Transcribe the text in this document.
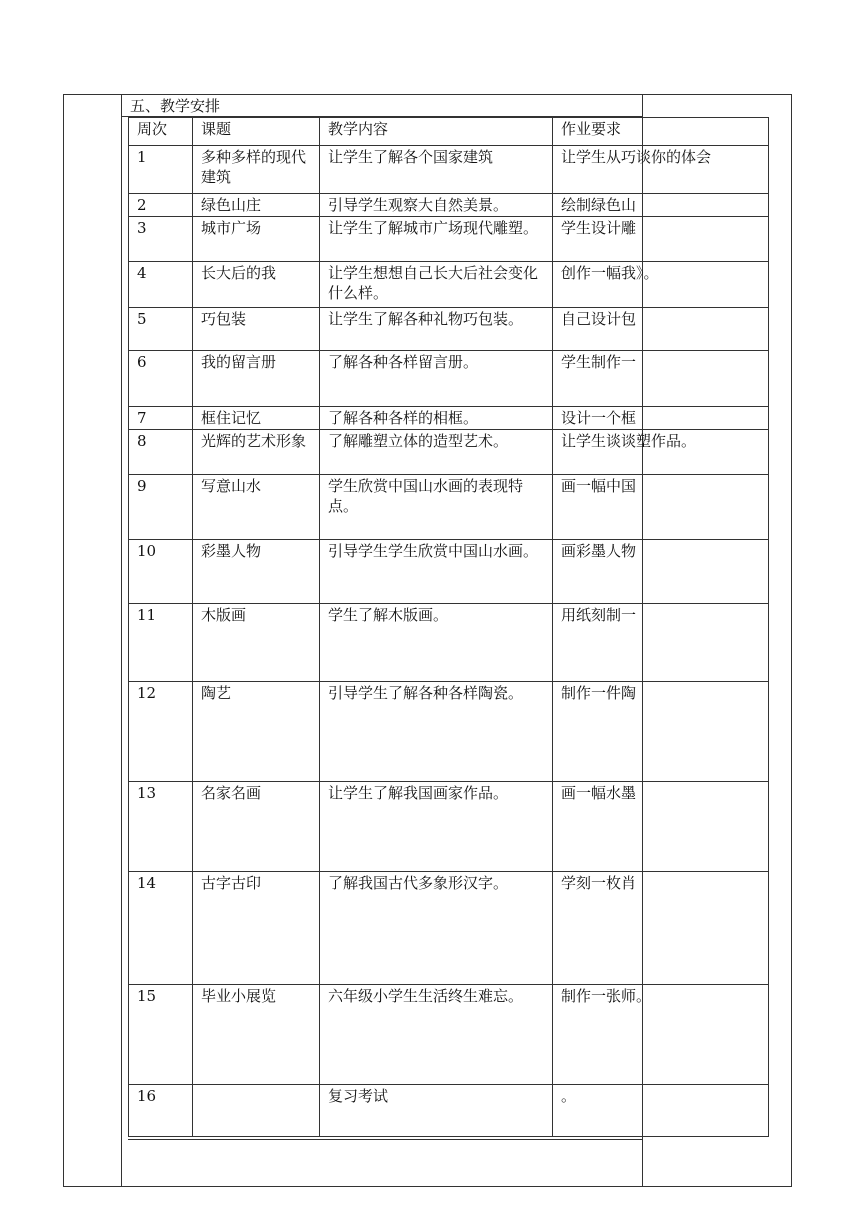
五、教学安排
周次	课题	教学内容	作业要求
1	多种多样的现代建筑	让学生了解各个国家建筑	让学生从巧谈你的体会
2	绿色山庄	引导学生观察大自然美景。	绘制绿色山
3	城市广场	让学生了解城市广场现代雕塑。	学生设计雕
4	长大后的我	让学生想想自己长大后社会变化什么样。	创作一幅我》。
5	巧包装	让学生了解各种礼物巧包装。	自己设计包
6	我的留言册	了解各种各样留言册。	学生制作一
7	框住记忆	了解各种各样的相框。	设计一个框
8	光辉的艺术形象	了解雕塑立体的造型艺术。	让学生谈谈塑作品。
9	写意山水	学生欣赏中国山水画的表现特点。	画一幅中国
10	彩墨人物	引导学生学生欣赏中国山水画。	画彩墨人物
11	木版画	学生了解木版画。	用纸刻制一
12	陶艺	引导学生了解各种各样陶瓷。	制作一件陶
13	名家名画	让学生了解我国画家作品。	画一幅水墨
14	古字古印	了解我国古代多象形汉字。	学刻一枚肖
15	毕业小展览	六年级小学生生活终生难忘。	制作一张师。
16		复习考试	。
